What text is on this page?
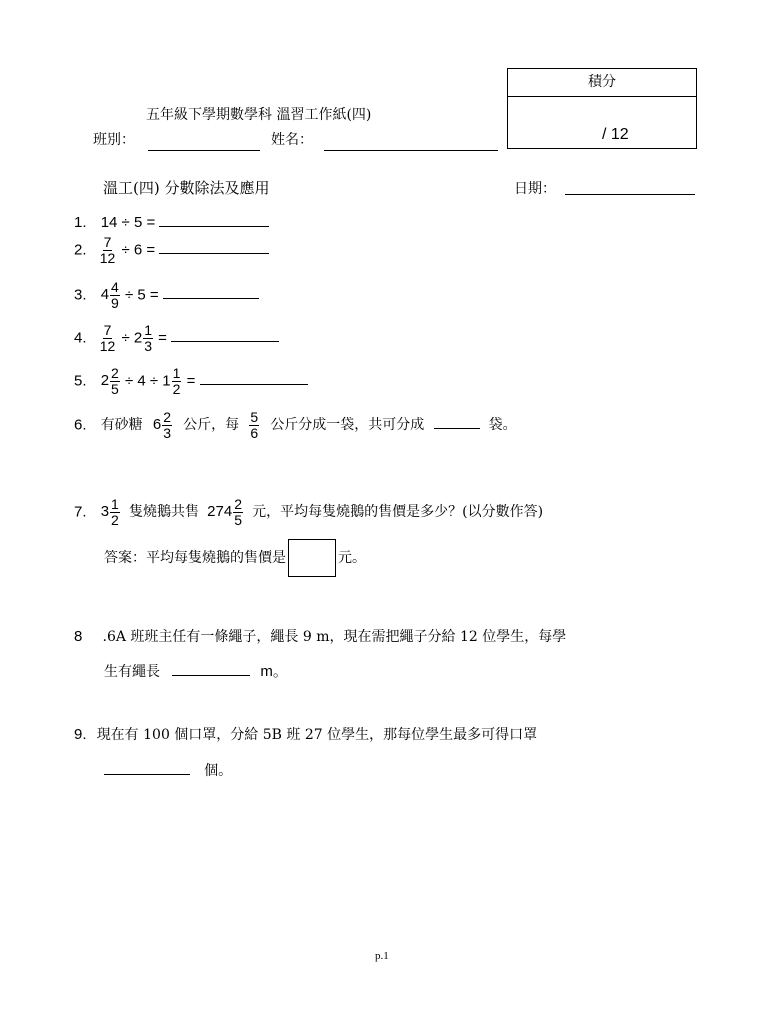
五年級下學期數學科 溫習工作紙(四)
班別：	姓名：
積分
/ 12
溫工(四) 分數除法及應用	日期：
1. 14 ÷ 5 =
2. $\frac{7}{12} \div 6$ =
3. $4 \frac{4}{9} \div 5$ =
4. $\frac{7}{12} \div 2 \frac{1}{3}$ =
5. $2 \frac{2}{5} \div 4 \div 1 \frac{1}{2}$ =
6. 有砂糖 $6 \frac{2}{3}$ 公斤，每 $\frac{5}{6}$ 公斤分成一袋，共可分成	袋。
7. $3 \frac{1}{2}$ 隻燒鵝共售 $274 \frac{2}{5}$ 元，平均每隻燒鵝的售價是多少？(以分數作答)
答案：平均每隻燒鵝的售價是	元。
8 .6A 班班主任有一條繩子，繩長 9 m，現在需把繩子分給 12 位學生，每學
生有繩長	m。
9. 現在有 100 個口罩，分給 5B 班 27 位學生，那每位學生最多可得口罩
個。
p.1
